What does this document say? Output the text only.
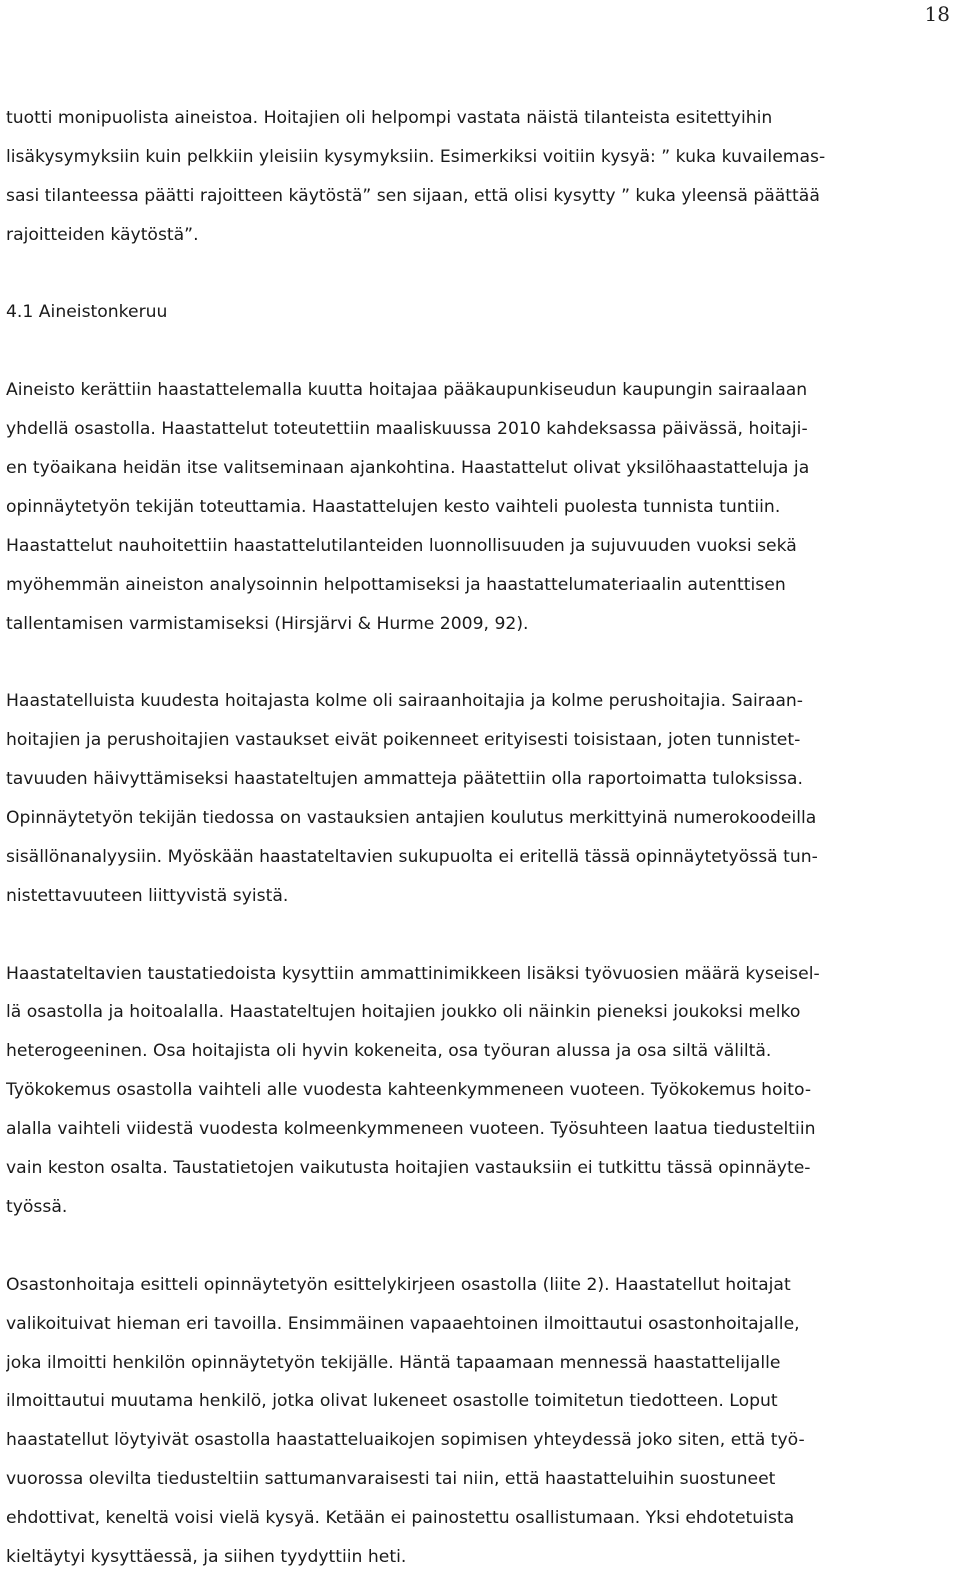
18
tuotti monipuolista aineistoa. Hoitajien oli helpompi vastata näistä tilanteista esitettyihin
lisäkysymyksiin kuin pelkkiin yleisiin kysymyksiin. Esimerkiksi voitiin kysyä: ” kuka kuvailemas-
sasi tilanteessa päätti rajoitteen käytöstä” sen sijaan, että olisi kysytty ” kuka yleensä päättää
rajoitteiden käytöstä”.
4.1 Aineistonkeruu
Aineisto kerättiin haastattelemalla kuutta hoitajaa pääkaupunkiseudun kaupungin sairaalaan
yhdellä osastolla. Haastattelut toteutettiin maaliskuussa 2010 kahdeksassa päivässä, hoitaji-
en työaikana heidän itse valitseminaan ajankohtina. Haastattelut olivat yksilöhaastatteluja ja
opinnäytetyön tekijän toteuttamia. Haastattelujen kesto vaihteli puolesta tunnista tuntiin.
Haastattelut nauhoitettiin haastattelutilanteiden luonnollisuuden ja sujuvuuden vuoksi sekä
myöhemmän aineiston analysoinnin helpottamiseksi ja haastattelumateriaalin autenttisen
tallentamisen varmistamiseksi (Hirsjärvi & Hurme 2009, 92).
Haastatelluista kuudesta hoitajasta kolme oli sairaanhoitajia ja kolme perushoitajia. Sairaan-
hoitajien ja perushoitajien vastaukset eivät poikenneet erityisesti toisistaan, joten tunnistet-
tavuuden häivyttämiseksi haastateltujen ammatteja päätettiin olla raportoimatta tuloksissa.
Opinnäytetyön tekijän tiedossa on vastauksien antajien koulutus merkittyinä numerokoodeilla
sisällönanalyysiin. Myöskään haastateltavien sukupuolta ei eritellä tässä opinnäytetyössä tun-
nistettavuuteen liittyvistä syistä.
Haastateltavien taustatiedoista kysyttiin ammattinimikkeen lisäksi työvuosien määrä kyseisel-
lä osastolla ja hoitoalalla. Haastateltujen hoitajien joukko oli näinkin pieneksi joukoksi melko
heterogeeninen. Osa hoitajista oli hyvin kokeneita, osa työuran alussa ja osa siltä väliltä.
Työkokemus osastolla vaihteli alle vuodesta kahteenkymmeneen vuoteen. Työkokemus hoito-
alalla vaihteli viidestä vuodesta kolmeenkymmeneen vuoteen. Työsuhteen laatua tiedusteltiin
vain keston osalta. Taustatietojen vaikutusta hoitajien vastauksiin ei tutkittu tässä opinnäyte-
työssä.
Osastonhoitaja esitteli opinnäytetyön esittelykirjeen osastolla (liite 2). Haastatellut hoitajat
valikoituivat hieman eri tavoilla. Ensimmäinen vapaaehtoinen ilmoittautui osastonhoitajalle,
joka ilmoitti henkilön opinnäytetyön tekijälle. Häntä tapaamaan mennessä haastattelijalle
ilmoittautui muutama henkilö, jotka olivat lukeneet osastolle toimitetun tiedotteen. Loput
haastatellut löytyivät osastolla haastatteluaikojen sopimisen yhteydessä joko siten, että työ-
vuorossa olevilta tiedusteltiin sattumanvaraisesti tai niin, että haastatteluihin suostuneet
ehdottivat, keneltä voisi vielä kysyä. Ketään ei painostettu osallistumaan. Yksi ehdotetuista
kieltäytyi kysyttäessä, ja siihen tyydyttiin heti.
